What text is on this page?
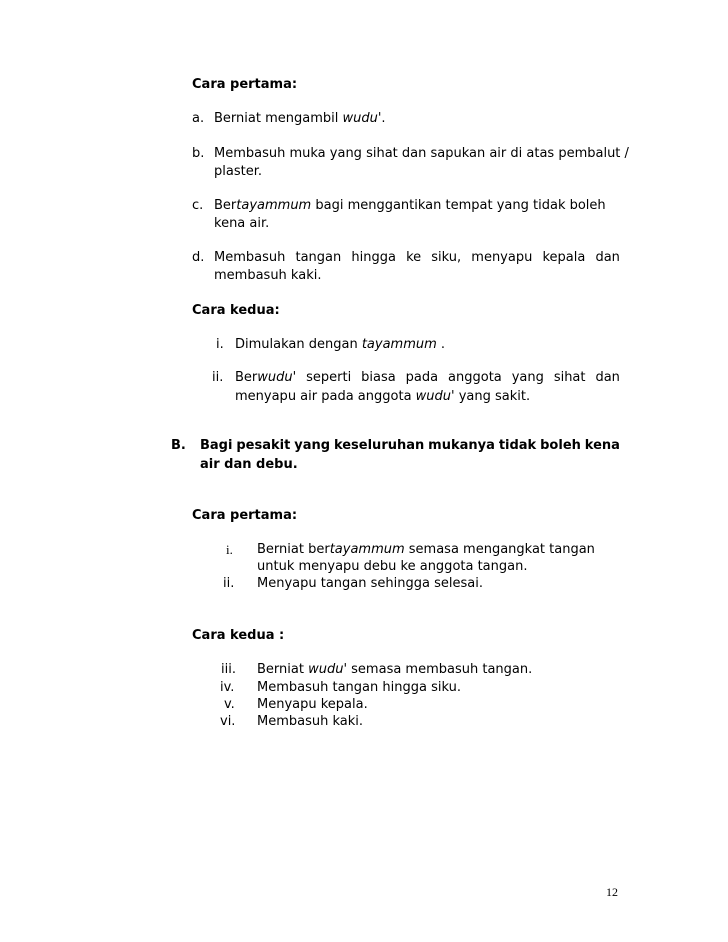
Cara pertama:
a. Berniat mengambil wudu'.
b. Membasuh muka yang sihat dan sapukan air di atas pembalut /
plaster.
c. Bertayammum bagi menggantikan tempat yang tidak boleh
kena air.
d. Membasuh tangan hingga ke siku, menyapu kepala dan
membasuh kaki.
Cara kedua:
i. Dimulakan dengan tayammum .
ii. Berwudu' seperti biasa pada anggota yang sihat dan
menyapu air pada anggota wudu' yang sakit.
B. Bagi pesakit yang keseluruhan mukanya tidak boleh kena
air dan debu.
Cara pertama:
i. Berniat bertayammum semasa mengangkat tangan
untuk menyapu debu ke anggota tangan.
ii. Menyapu tangan sehingga selesai.
Cara kedua :
iii. Berniat wudu' semasa membasuh tangan.
iv. Membasuh tangan hingga siku.
v. Menyapu kepala.
vi. Membasuh kaki.
12
